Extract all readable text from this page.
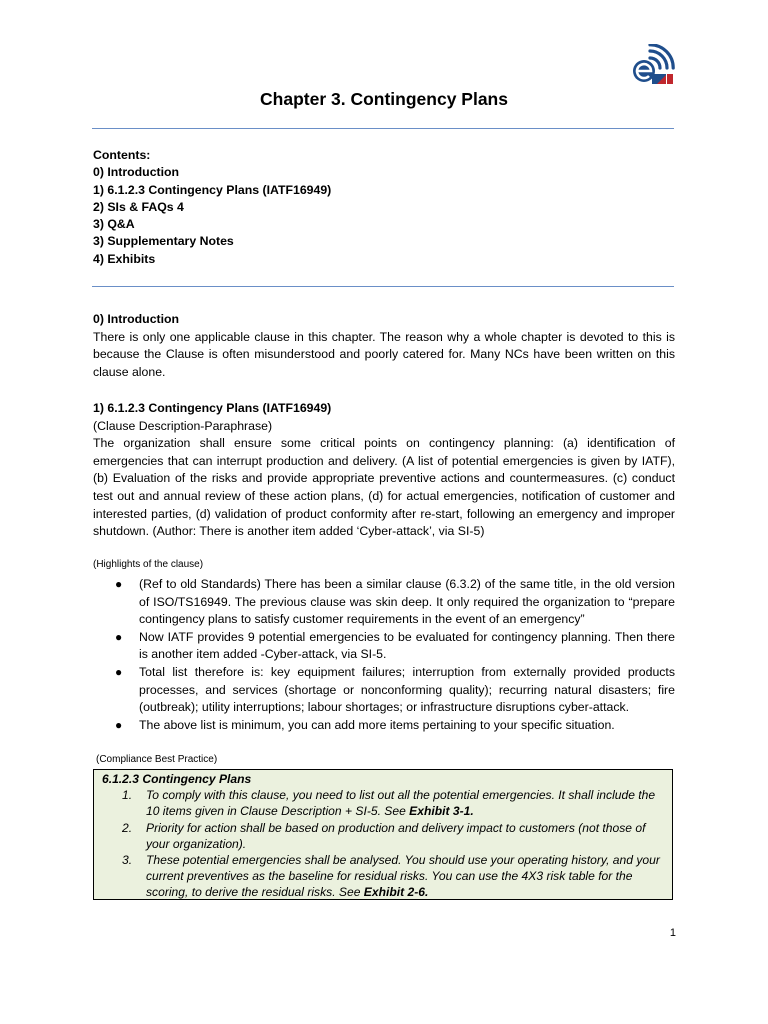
Chapter 3. Contingency Plans
Contents:
0) Introduction
1) 6.1.2.3 Contingency Plans (IATF16949)
2) SIs & FAQs 4
3) Q&A
3) Supplementary Notes
4) Exhibits
0) Introduction

There is only one applicable clause in this chapter. The reason why a whole chapter is devoted to this is because the Clause is often misunderstood and poorly catered for. Many NCs have been written on this clause alone.

1) 6.1.2.3 Contingency Plans (IATF16949)
(Clause Description-Paraphrase)

The organization shall ensure some critical points on contingency planning: (a) identification of emergencies that can interrupt production and delivery. (A list of potential emergencies is given by IATF), (b) Evaluation of the risks and provide appropriate preventive actions and countermeasures. (c) conduct test out and annual review of these action plans, (d) for actual emergencies, notification of customer and interested parties, (d) validation of product conformity after re-start, following an emergency and improper shutdown. (Author: There is another item added ‘Cyber-attack’, via SI-5)

(Highlights of the clause)
● (Ref to old Standards) There has been a similar clause (6.3.2) of the same title, in the old version of ISO/TS16949. The previous clause was skin deep. It only required the organization to “prepare contingency plans to satisfy customer requirements in the event of an emergency”
● Now IATF provides 9 potential emergencies to be evaluated for contingency planning. Then there is another item added -Cyber-attack, via SI-5.
● Total list therefore is: key equipment failures; interruption from externally provided products processes, and services (shortage or nonconforming quality); recurring natural disasters; fire (outbreak); utility interruptions; labour shortages; or infrastructure disruptions cyber-attack.
● The above list is minimum, you can add more items pertaining to your specific situation.
(Compliance Best Practice)
6.1.2.3 Contingency Plans
1. To comply with this clause, you need to list out all the potential emergencies. It shall include the 10 items given in Clause Description + SI-5. See Exhibit 3-1.
2. Priority for action shall be based on production and delivery impact to customers (not those of your organization).
3. These potential emergencies shall be analysed. You should use your operating history, and your current preventives as the baseline for residual risks. You can use the 4X3 risk table for the scoring, to derive the residual risks. See Exhibit 2-6.
1
